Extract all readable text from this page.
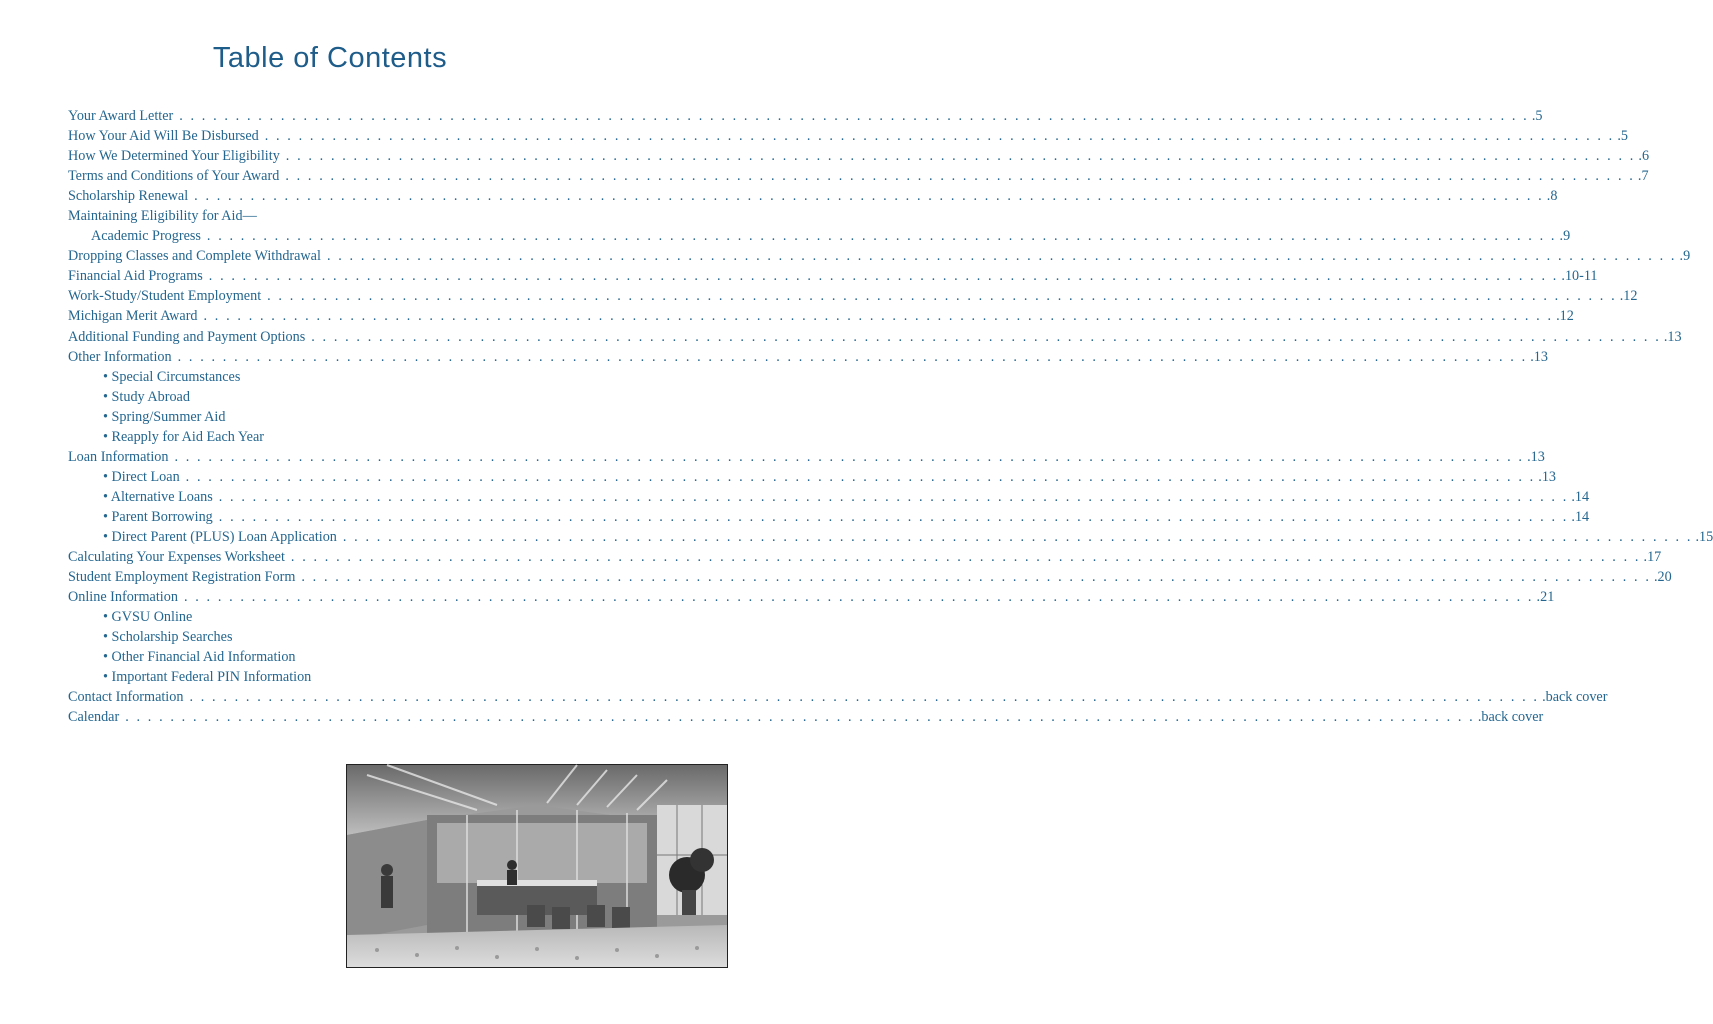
Table of Contents
Your Award Letter . . . . . . . . . . . . . . . . . . . . . . . . . . . . . . . . . . . . . . . . . . . . . . . . . . . . . . . . . . . . . . . . . . . . . . . . . . . . . . . . . . . . . . . . . . . . . . . . . . . . . . . . . . . . . . . . . . . . . . . . .5
How Your Aid Will Be Disbursed . . . . . . . . . . . . . . . . . . . . . . . . . . . . . . . . . . . . . . . . . . . . . . . . . . . . . . . . . . . . . . . . . . . . . . . . . . . . . . . . . . . . . . . . . . . . . . . . . . . . . . . . . . . . . . . . . . . . . . . . .5
How We Determined Your Eligibility . . . . . . . . . . . . . . . . . . . . . . . . . . . . . . . . . . . . . . . . . . . . . . . . . . . . . . . . . . . . . . . . . . . . . . . . . . . . . . . . . . . . . . . . . . . . . . . . . . . . . . . . . . . . . . . . . . . . . . . . .6
Terms and Conditions of Your Award . . . . . . . . . . . . . . . . . . . . . . . . . . . . . . . . . . . . . . . . . . . . . . . . . . . . . . . . . . . . . . . . . . . . . . . . . . . . . . . . . . . . . . . . . . . . . . . . . . . . . . . . . . . . . . . . . . . . . . . . .7
Scholarship Renewal . . . . . . . . . . . . . . . . . . . . . . . . . . . . . . . . . . . . . . . . . . . . . . . . . . . . . . . . . . . . . . . . . . . . . . . . . . . . . . . . . . . . . . . . . . . . . . . . . . . . . . . . . . . . . . . . . . . . . . . . .8
Maintaining Eligibility for Aid—
Academic Progress . . . . . . . . . . . . . . . . . . . . . . . . . . . . . . . . . . . . . . . . . . . . . . . . . . . . . . . . . . . . . . . . . . . . . . . . . . . . . . . . . . . . . . . . . . . . . . . . . . . . . . . . . . . . . . . . . . . . . . . . .9
Dropping Classes and Complete Withdrawal . . . . . . . . . . . . . . . . . . . . . . . . . . . . . . . . . . . . . . . . . . . . . . . . . . . . . . . . . . . . . . . . . . . . . . . . . . . . . . . . . . . . . . . . . . . . . . . . . . . . . . . . . . . . . . . . . . . . . . . . .9
Financial Aid Programs . . . . . . . . . . . . . . . . . . . . . . . . . . . . . . . . . . . . . . . . . . . . . . . . . . . . . . . . . . . . . . . . . . . . . . . . . . . . . . . . . . . . . . . . . . . . . . . . . . . . . . . . . . . . . . . . . . . . . . . . .10-11
Work-Study/Student Employment . . . . . . . . . . . . . . . . . . . . . . . . . . . . . . . . . . . . . . . . . . . . . . . . . . . . . . . . . . . . . . . . . . . . . . . . . . . . . . . . . . . . . . . . . . . . . . . . . . . . . . . . . . . . . . . . . . . . . . . . .12
Michigan Merit Award . . . . . . . . . . . . . . . . . . . . . . . . . . . . . . . . . . . . . . . . . . . . . . . . . . . . . . . . . . . . . . . . . . . . . . . . . . . . . . . . . . . . . . . . . . . . . . . . . . . . . . . . . . . . . . . . . . . . . . . . .12
Additional Funding and Payment Options . . . . . . . . . . . . . . . . . . . . . . . . . . . . . . . . . . . . . . . . . . . . . . . . . . . . . . . . . . . . . . . . . . . . . . . . . . . . . . . . . . . . . . . . . . . . . . . . . . . . . . . . . . . . . . . . . . . . . . . . .13
Other Information . . . . . . . . . . . . . . . . . . . . . . . . . . . . . . . . . . . . . . . . . . . . . . . . . . . . . . . . . . . . . . . . . . . . . . . . . . . . . . . . . . . . . . . . . . . . . . . . . . . . . . . . . . . . . . . . . . . . . . . . .13
• Special Circumstances
• Study Abroad
• Spring/Summer Aid
• Reapply for Aid Each Year
Loan Information . . . . . . . . . . . . . . . . . . . . . . . . . . . . . . . . . . . . . . . . . . . . . . . . . . . . . . . . . . . . . . . . . . . . . . . . . . . . . . . . . . . . . . . . . . . . . . . . . . . . . . . . . . . . . . . . . . . . . . . . .13
• Direct Loan . . . . . . . . . . . . . . . . . . . . . . . . . . . . . . . . . . . . . . . . . . . . . . . . . . . . . . . . . . . . . . . . . . . . . . . . . . . . . . . . . . . . . . . . . . . . . . . . . . . . . . . . . . . . . . . . . . . . . . . . .13
• Alternative Loans . . . . . . . . . . . . . . . . . . . . . . . . . . . . . . . . . . . . . . . . . . . . . . . . . . . . . . . . . . . . . . . . . . . . . . . . . . . . . . . . . . . . . . . . . . . . . . . . . . . . . . . . . . . . . . . . . . . . . . . . .14
• Parent Borrowing . . . . . . . . . . . . . . . . . . . . . . . . . . . . . . . . . . . . . . . . . . . . . . . . . . . . . . . . . . . . . . . . . . . . . . . . . . . . . . . . . . . . . . . . . . . . . . . . . . . . . . . . . . . . . . . . . . . . . . . . .14
• Direct Parent (PLUS) Loan Application . . . . . . . . . . . . . . . . . . . . . . . . . . . . . . . . . . . . . . . . . . . . . . . . . . . . . . . . . . . . . . . . . . . . . . . . . . . . . . . . . . . . . . . . . . . . . . . . . . . . . . . . . . . . . . . . . . . . . . . . .15
Calculating Your Expenses Worksheet . . . . . . . . . . . . . . . . . . . . . . . . . . . . . . . . . . . . . . . . . . . . . . . . . . . . . . . . . . . . . . . . . . . . . . . . . . . . . . . . . . . . . . . . . . . . . . . . . . . . . . . . . . . . . . . . . . . . . . . . .17
Student Employment Registration Form . . . . . . . . . . . . . . . . . . . . . . . . . . . . . . . . . . . . . . . . . . . . . . . . . . . . . . . . . . . . . . . . . . . . . . . . . . . . . . . . . . . . . . . . . . . . . . . . . . . . . . . . . . . . . . . . . . . . . . . . .20
Online Information . . . . . . . . . . . . . . . . . . . . . . . . . . . . . . . . . . . . . . . . . . . . . . . . . . . . . . . . . . . . . . . . . . . . . . . . . . . . . . . . . . . . . . . . . . . . . . . . . . . . . . . . . . . . . . . . . . . . . . . . .21
• GVSU Online
• Scholarship Searches
• Other Financial Aid Information
• Important Federal PIN Information
Contact Information . . . . . . . . . . . . . . . . . . . . . . . . . . . . . . . . . . . . . . . . . . . . . . . . . . . . . . . . . . . . . . . . . . . . . . . . . . . . . . . . . . . . . . . . . . . . . . . . . . . . . . . . . . . . . . . . . . . . . . . . .back cover
Calendar . . . . . . . . . . . . . . . . . . . . . . . . . . . . . . . . . . . . . . . . . . . . . . . . . . . . . . . . . . . . . . . . . . . . . . . . . . . . . . . . . . . . . . . . . . . . . . . . . . . . . . . . . . . . . . . . . . . . . . . . .back cover
